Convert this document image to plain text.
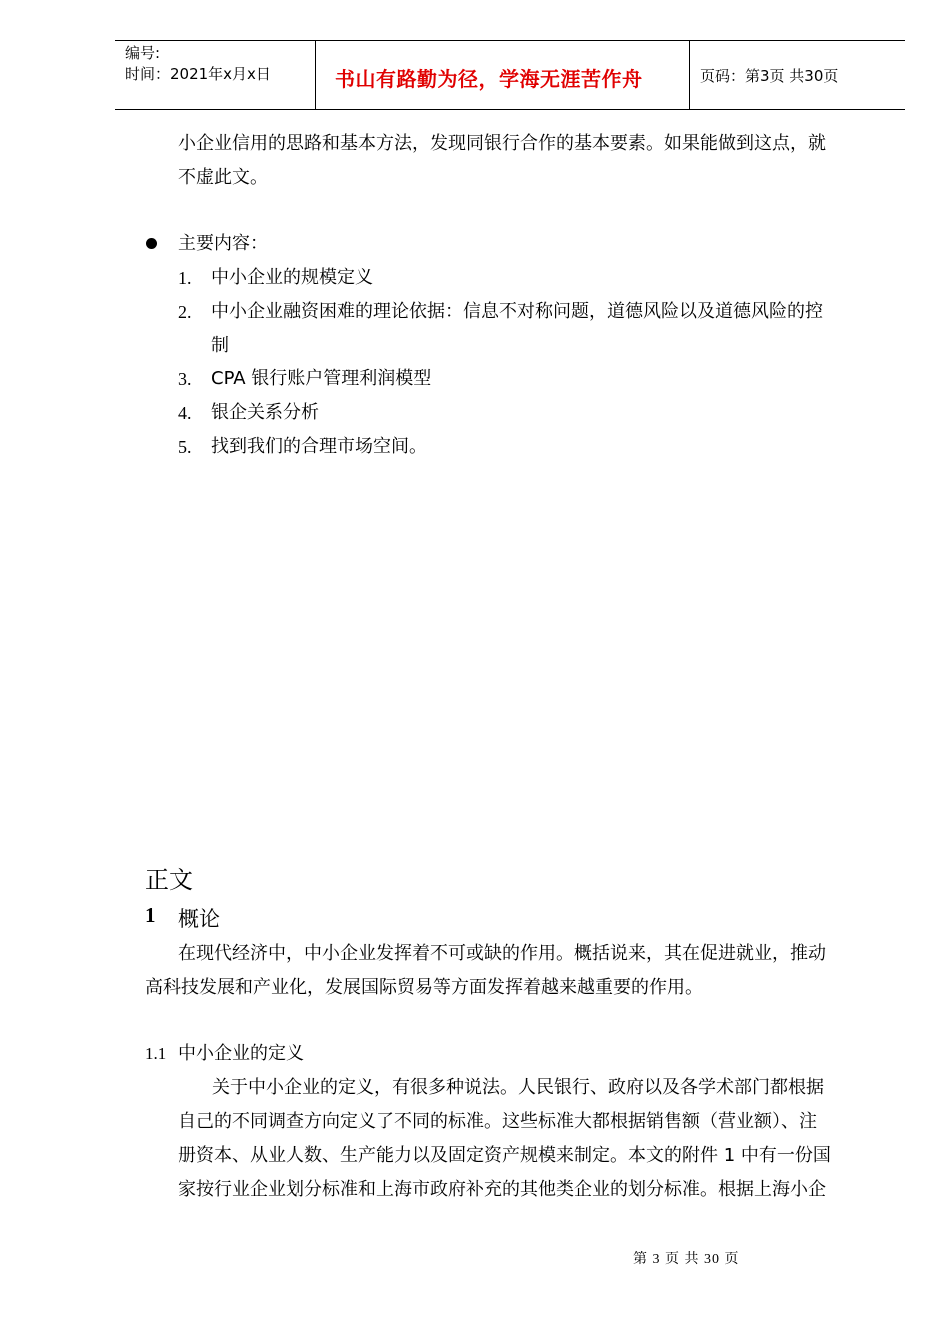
编号:
时间：2021年x月x日	书山有路勤为径，学海无涯苦作舟	页码：第3页 共30页
小企业信用的思路和基本方法，发现同银行合作的基本要素。如果能做到这点，就
不虚此文。
主要内容：
1. 中小企业的规模定义
2. 中小企业融资困难的理论依据：信息不对称问题，道德风险以及道德风险的控
制
3. CPA 银行账户管理利润模型
4. 银企关系分析
5. 找到我们的合理市场空间。
正文
1 概论
在现代经济中，中小企业发挥着不可或缺的作用。概括说来，其在促进就业，推动
高科技发展和产业化，发展国际贸易等方面发挥着越来越重要的作用。
1.1 中小企业的定义
关于中小企业的定义，有很多种说法。人民银行、政府以及各学术部门都根据
自己的不同调查方向定义了不同的标准。这些标准大都根据销售额（营业额）、注
册资本、从业人数、生产能力以及固定资产规模来制定。本文的附件 1 中有一份国
家按行业企业划分标准和上海市政府补充的其他类企业的划分标准。根据上海小企
第 3 页 共 30 页
